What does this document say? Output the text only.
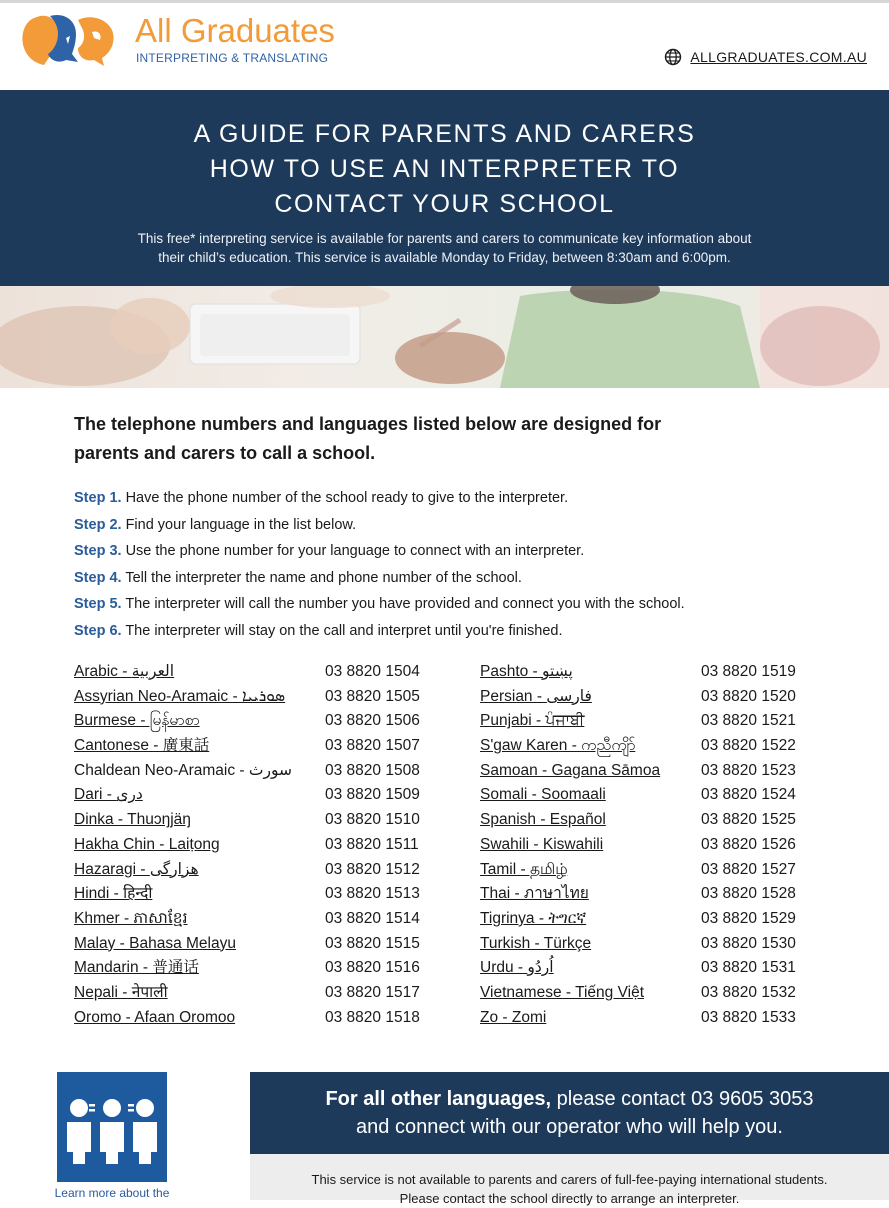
All Graduates
INTERPRETING & TRANSLATING	ALLGRADUATES.COM.AU
A GUIDE FOR PARENTS AND CARERS
HOW TO USE AN INTERPRETER TO
CONTACT YOUR SCHOOL
This free* interpreting service is available for parents and carers to communicate key information about
their child’s education. This service is available Monday to Friday, between 8:30am and 6:00pm.
The telephone numbers and languages listed below are designed for
parents and carers to call a school.
Step 1. Have the phone number of the school ready to give to the interpreter.
Step 2. Find your language in the list below.
Step 3. Use the phone number for your language to connect with an interpreter.
Step 4. Tell the interpreter the name and phone number of the school.
Step 5. The interpreter will call the number you have provided and connect you with the school.
Step 6. The interpreter will stay on the call and interpret until you're finished.
Arabic - العربية	03 8820 1504
Assyrian Neo-Aramaic - ܣܘܪܝܝܐ	03 8820 1505
Burmese - မြန်မာစာ	03 8820 1506
Cantonese - 廣東話	03 8820 1507
Chaldean Neo-Aramaic - سورث 03 8820 1508
Dari - دری	03 8820 1509
Dinka - Thuɔŋjäŋ	03 8820 1510
Hakha Chin - Laiṭong	03 8820 1511
Hazaragi - هزارگی	03 8820 1512
Hindi - हिन्दी	03 8820 1513
Khmer - ភាសាខ្មែរ	03 8820 1514
Malay - Bahasa Melayu	03 8820 1515
Mandarin - 普通话	03 8820 1516
Nepali - नेपाली	03 8820 1517
Oromo - Afaan Oromoo	03 8820 1518
Pashto - پښتو	03 8820 1519
Persian - فارسی	03 8820 1520
Punjabi - ਪੰਜਾਬੀ	03 8820 1521
S'gaw Karen - ကညီကျိာ်	03 8820 1522
Samoan - Gagana Sāmoa	03 8820 1523
Somali - Soomaali	03 8820 1524
Spanish - Español	03 8820 1525
Swahili - Kiswahili	03 8820 1526
Tamil - தமிழ்	03 8820 1527
Thai - ภาษาไทย	03 8820 1528
Tigrinya - ትግርኛ	03 8820 1529
Turkish - Türkçe	03 8820 1530
Urdu - اُردُو	03 8820 1531
Vietnamese - Tiếng Việt	03 8820 1532
Zo - Zomi	03 8820 1533
Learn more about the
For all other languages, please contact 03 9605 3053
and connect with our operator who will help you.
This service is not available to parents and carers of full-fee-paying international students.
Please contact the school directly to arrange an interpreter.
